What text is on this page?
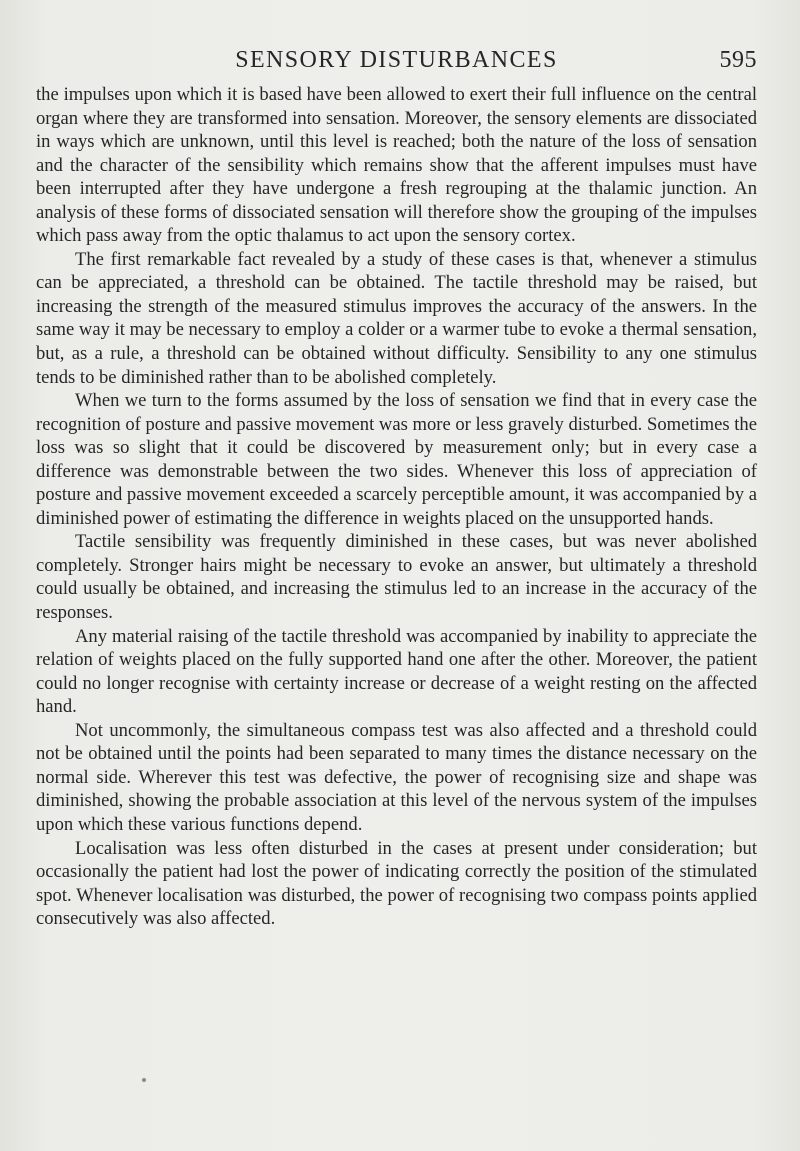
SENSORY DISTURBANCES	595

the impulses upon which it is based have been allowed to exert their full influence on the central organ where they are transformed into sensation. Moreover, the sensory elements are dissociated in ways which are unknown, until this level is reached; both the nature of the loss of sensation and the character of the sensibility which remains show that the afferent impulses must have been interrupted after they have undergone a fresh regrouping at the thalamic junction. An analysis of these forms of dissociated sensation will therefore show the grouping of the impulses which pass away from the optic thalamus to act upon the sensory cortex.

The first remarkable fact revealed by a study of these cases is that, whenever a stimulus can be appreciated, a threshold can be obtained. The tactile threshold may be raised, but increasing the strength of the measured stimulus improves the accuracy of the answers. In the same way it may be necessary to employ a colder or a warmer tube to evoke a thermal sensation, but, as a rule, a threshold can be obtained without difficulty. Sensibility to any one stimulus tends to be diminished rather than to be abolished completely.

When we turn to the forms assumed by the loss of sensation we find that in every case the recognition of posture and passive movement was more or less gravely disturbed. Sometimes the loss was so slight that it could be discovered by measurement only; but in every case a difference was demonstrable between the two sides. Whenever this loss of appreciation of posture and passive movement exceeded a scarcely perceptible amount, it was accompanied by a diminished power of estimating the difference in weights placed on the unsupported hands.

Tactile sensibility was frequently diminished in these cases, but was never abolished completely. Stronger hairs might be necessary to evoke an answer, but ultimately a threshold could usually be obtained, and increasing the stimulus led to an increase in the accuracy of the responses.

Any material raising of the tactile threshold was accompanied by inability to appreciate the relation of weights placed on the fully supported hand one after the other. Moreover, the patient could no longer recognise with certainty increase or decrease of a weight resting on the affected hand.

Not uncommonly, the simultaneous compass test was also affected and a threshold could not be obtained until the points had been separated to many times the distance necessary on the normal side. Wherever this test was defective, the power of recognising size and shape was diminished, showing the probable association at this level of the nervous system of the impulses upon which these various functions depend.

Localisation was less often disturbed in the cases at present under consideration; but occasionally the patient had lost the power of indicating correctly the position of the stimulated spot. Whenever localisation was disturbed, the power of recognising two compass points applied consecutively was also affected.
